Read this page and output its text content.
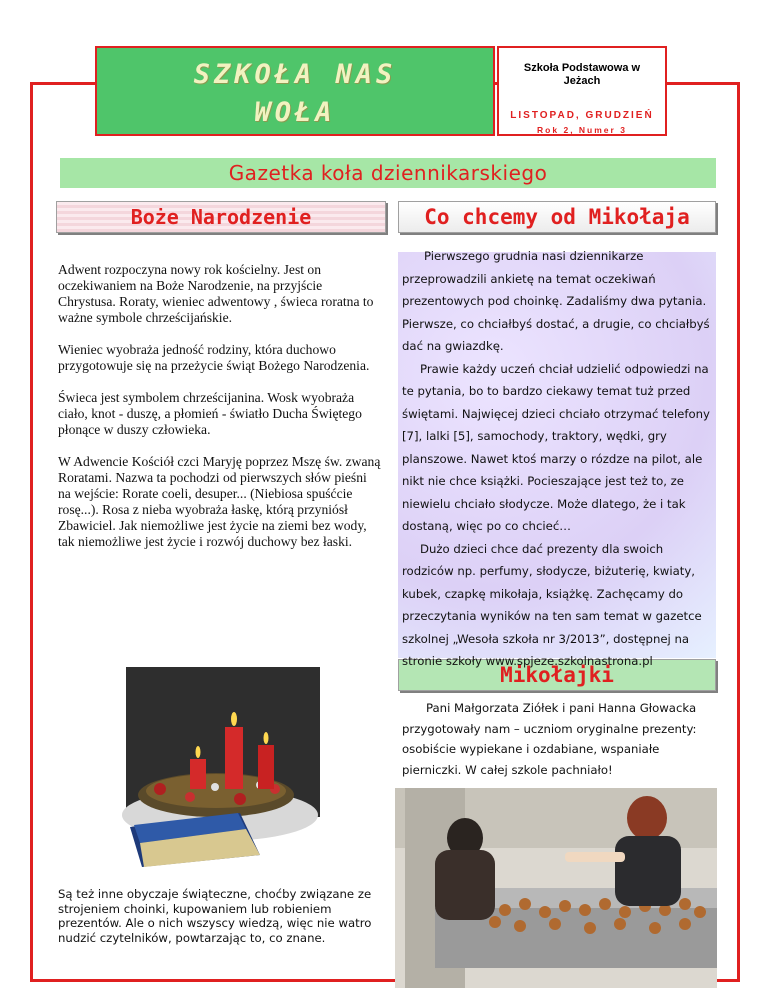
SZKOŁA NAS
WOŁA
Szkoła Podstawowa w
Jeżach
LISTOPAD, GRUDZIEŃ
Rok 2, Numer 3
Gazetka koła dziennikarskiego
Boże Narodzenie	Co chcemy od Mikołaja
Mikołajki

Adwent rozpoczyna nowy rok kościelny. Jest on oczekiwaniem na Boże Narodzenie, na przyjście Chrystusa. Roraty, wieniec adwentowy , świeca roratna to ważne symbole chrześcijańskie.

Wieniec wyobraża jedność rodziny, która duchowo przygotowuje się na przeżycie świąt Bożego Narodzenia.

Świeca jest symbolem chrześcijanina. Wosk wyobraża ciało, knot - duszę, a płomień - światło Ducha Świętego płonące w duszy człowieka.

W Adwencie Kościół czci Maryję poprzez Mszę św. zwaną Roratami. Nazwa ta pochodzi od pierwszych słów pieśni na wejście: Rorate coeli, desuper... (Niebiosa spuśćcie rosę...). Rosa z nieba wyobraża łaskę, którą przyniósł Zbawiciel. Jak niemożliwe jest życie na ziemi bez wody, tak niemożliwe jest życie i rozwój duchowy bez łaski.

Pierwszego grudnia nasi dziennikarze przeprowadzili ankietę na temat oczekiwań prezentowych pod choinkę. Zadaliśmy dwa pytania. Pierwsze, co chciałbyś dostać, a drugie, co chciałbyś dać na gwiazdkę.

Prawie każdy uczeń chciał udzielić odpowiedzi na te pytania, bo to bardzo ciekawy temat tuż przed świętami. Najwięcej dzieci chciało otrzymać telefony [7], lalki [5], samochody, traktory, wędki, gry planszowe. Nawet ktoś marzy o rózdze na pilot, ale nikt nie chce książki. Pocieszające jest też to, ze niewielu chciało słodycze. Może dlatego, że i tak dostaną, więc po co chcieć…

Dużo dzieci chce dać prezenty dla swoich rodziców np. perfumy, słodycze, biżuterię, kwiaty, kubek, czapkę mikołaja, książkę. Zachęcamy do przeczytania wyników na ten sam temat w gazetce szkolnej „Wesoła szkoła nr 3/2013”, dostępnej na stronie szkoły www.spjeze.szkolnastrona.pl

Pani Małgorzata Ziółek i pani Hanna Głowacka przygotowały nam – uczniom oryginalne prezenty: osobiście wypiekane i ozdabiane, wspaniałe pierniczki. W całej szkole pachniało!

Są też inne obyczaje świąteczne, choćby związane ze strojeniem choinki, kupowaniem lub robieniem prezentów. Ale o nich wszyscy wiedzą, więc nie watro nudzić czytelników, powtarzając to, co znane.
